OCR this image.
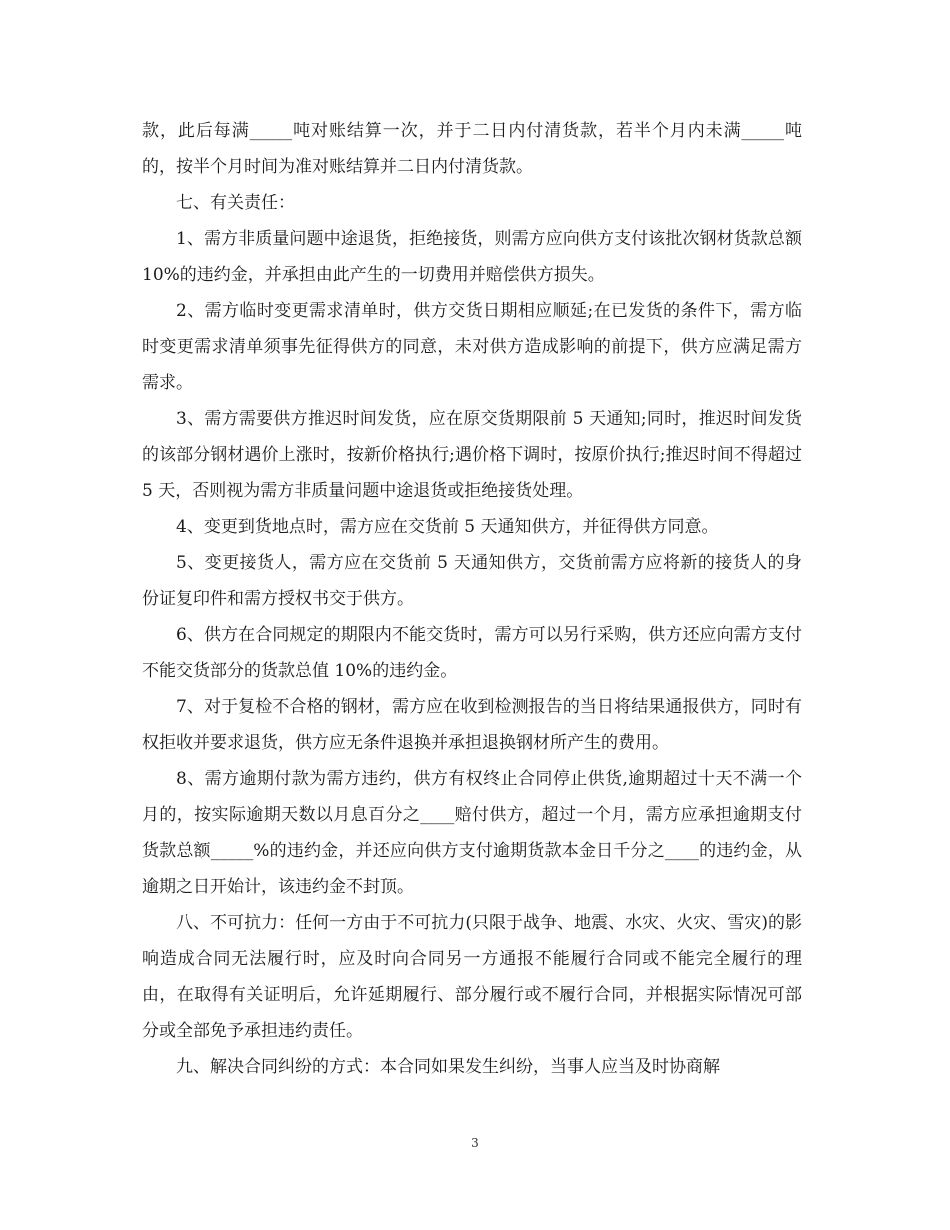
款，此后每满_____吨对账结算一次，并于二日内付清货款，若半个月内未满_____吨的，按半个月时间为准对账结算并二日内付清货款。

七、有关责任：

1、需方非质量问题中途退货，拒绝接货，则需方应向供方支付该批次钢材货款总额10%的违约金，并承担由此产生的一切费用并赔偿供方损失。

2、需方临时变更需求清单时，供方交货日期相应顺延;在已发货的条件下，需方临时变更需求清单须事先征得供方的同意，未对供方造成影响的前提下，供方应满足需方需求。

3、需方需要供方推迟时间发货，应在原交货期限前 5 天通知;同时，推迟时间发货的该部分钢材遇价上涨时，按新价格执行;遇价格下调时，按原价执行;推迟时间不得超过 5 天，否则视为需方非质量问题中途退货或拒绝接货处理。

4、变更到货地点时，需方应在交货前 5 天通知供方，并征得供方同意。

5、变更接货人，需方应在交货前 5 天通知供方，交货前需方应将新的接货人的身份证复印件和需方授权书交于供方。

6、供方在合同规定的期限内不能交货时，需方可以另行采购，供方还应向需方支付不能交货部分的货款总值 10%的违约金。

7、对于复检不合格的钢材，需方应在收到检测报告的当日将结果通报供方，同时有权拒收并要求退货，供方应无条件退换并承担退换钢材所产生的费用。

8、需方逾期付款为需方违约，供方有权终止合同停止供货,逾期超过十天不满一个月的，按实际逾期天数以月息百分之____赔付供方，超过一个月，需方应承担逾期支付货款总额_____%的违约金，并还应向供方支付逾期货款本金日千分之____的违约金，从逾期之日开始计，该违约金不封顶。

八、不可抗力：任何一方由于不可抗力(只限于战争、地震、水灾、火灾、雪灾)的影响造成合同无法履行时，应及时向合同另一方通报不能履行合同或不能完全履行的理由，在取得有关证明后，允许延期履行、部分履行或不履行合同，并根据实际情况可部分或全部免予承担违约责任。

九、解决合同纠纷的方式：本合同如果发生纠纷，当事人应当及时协商解

3
